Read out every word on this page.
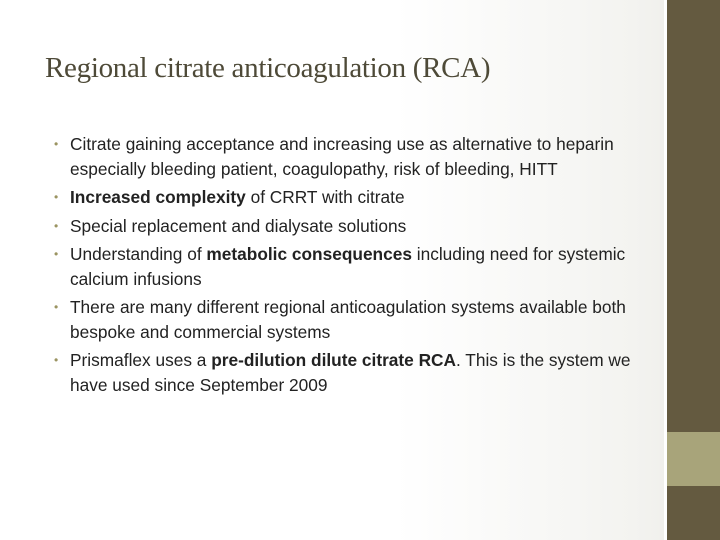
Regional citrate anticoagulation (RCA)
• Citrate gaining acceptance and increasing use as alternative to heparin especially bleeding patient, coagulopathy, risk of bleeding, HITT
• Increased complexity of CRRT with citrate
• Special replacement and dialysate solutions
• Understanding of metabolic consequences including need for systemic calcium infusions
• There are many different regional anticoagulation systems available both bespoke and commercial systems
• Prismaflex uses a pre-dilution dilute citrate RCA. This is the system we have used since September 2009
